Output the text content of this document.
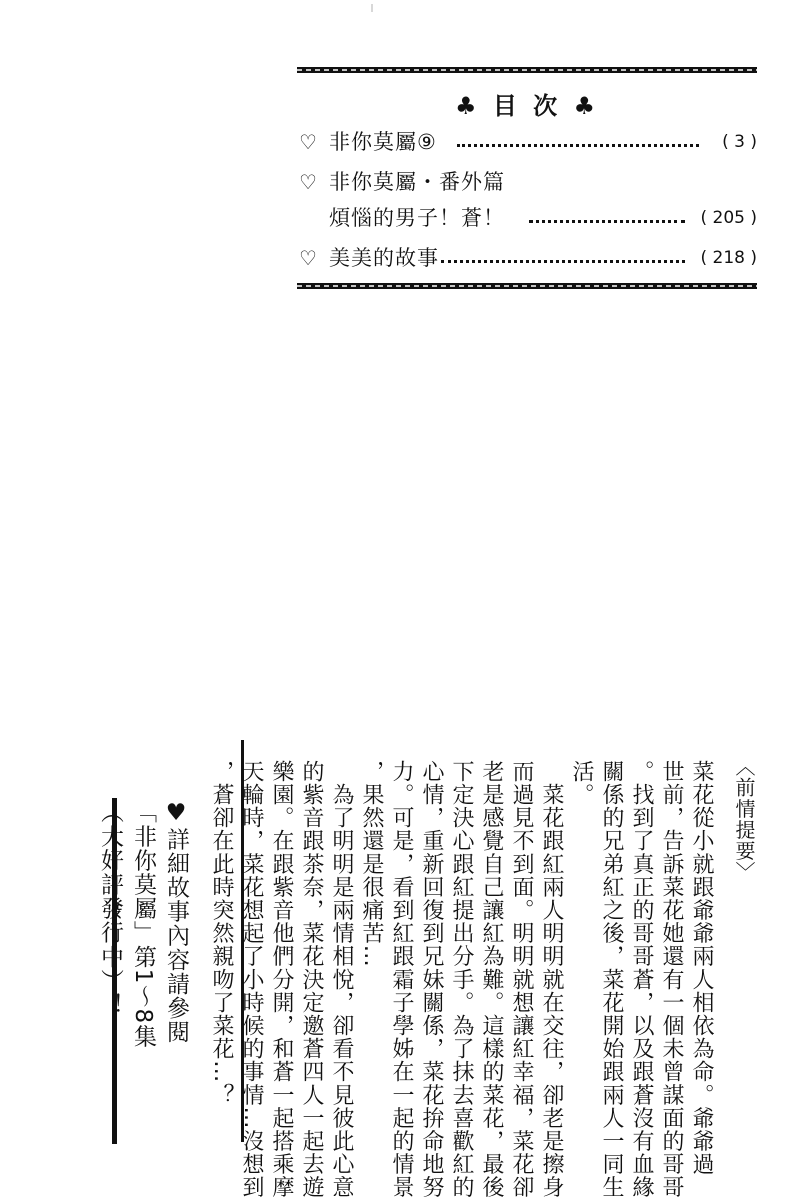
♣ 目 次 ♣
♡ 非你莫屬⑨	( 3 )
♡ 非你莫屬・番外篇
煩惱的男子！蒼！	( 205 )
♡ 美美的故事	( 218 )
︿前情提要﹀
菜花從小就跟爺爺兩人相依為命。爺爺過
世前，告訴菜花她還有一個未曾謀面的哥哥
。找到了真正的哥哥蒼，以及跟蒼沒有血緣
關係的兄弟紅之後，菜花開始跟兩人一同生
活。
　菜花跟紅兩人明明就在交往，卻老是擦身
而過見不到面。明明就想讓紅幸福，菜花卻
老是感覺自己讓紅為難。這樣的菜花，最後
下定決心跟紅提出分手。為了抹去喜歡紅的
心情，重新回復到兄妹關係，菜花拚命地努
力。可是，看到紅跟霜子學姊在一起的情景
，果然還是很痛苦…
　為了明明是兩情相悅，卻看不見彼此心意
的紫音跟茶奈，菜花決定邀蒼四人一起去遊
樂園。在跟紫音他們分開，和蒼一起搭乘摩
天輪時，菜花想起了小時候的事情…沒想到
，蒼卻在此時突然親吻了菜花…？
♥詳細故事內容請參閱
「非你莫屬」第1～8集
︵大好評發行中︶！
